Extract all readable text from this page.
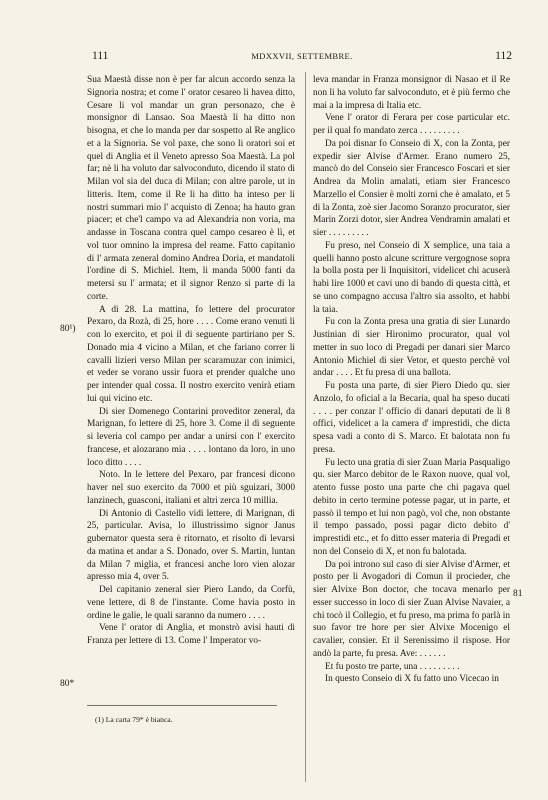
111	MDXXVII, SETTEMBRE.	112
80¹)
80*
81

Sua Maestà disse non è per far alcun accordo senza la Signoria nostra; et come l' orator cesareo li havea ditto, Cesare li vol mandar un gran personazo, che è monsignor di Lansao. Soa Maestà li ha ditto non bisogna, et che lo manda per dar sospetto al Re anglico et a la Signoria. Se vol paxe, che sono li oratori soi et quel di Anglia et il Veneto apresso Soa Maestà. La pol far; nè li ha voluto dar salvoconduto, dicendo il stato di Milan vol sia del duca di Milan; con altre parole, ut in litteris. Item, come il Re li ha ditto ha inteso per li nostri summari mio l' acquisto di Zenoa; ha hauto gran piacer; et che'l campo va ad Alexandria non voria, ma andasse in Toscana contra quel campo cesareo è lì, et vol tuor omnino la impresa del reame. Fatto capitanio di l' armata zeneral domino Andrea Doria, et mandatoli l'ordine di S. Michiel. Item, li manda 5000 fanti da metersi su l' armata; et il signor Renzo si parte di la corte.

A dì 28. La mattina, fo lettere del procurator Pexaro, da Rozà, di 25, hore . . . . Come erano venuti li con lo exercito, et poi il di seguente partiriano per S. Donado mia 4 vicino a Milan, et che fariano correr li cavalli lizieri verso Milan per scaramuzar con inimici, et veder se vorano ussir fuora et prender qualche uno per intender qual cossa. Il nostro exercito venirà etiam lui qui vicino etc.

Di sier Domenego Contarini proveditor zeneral, da Marignan, fo lettere di 25, hore 3. Come il dì seguente si leveria col campo per andar a unirsi con l' exercito francese, et alozarano mia . . . . lontano da loro, in uno loco ditto . . . .

Noto. In le lettere del Pexaro, par francesi dicono haver nel suo exercito da 7000 et più sguizari, 3000 lanzinech, guasconi, italiani et altri zerca 10 millia.

Di Antonio di Castello vidi lettere, di Marignan, di 25, particular. Avisa, lo illustrissimo signor Janus gubernator questa sera è ritornato, et risolto di levarsi da matina et andar a S. Donado, over S. Martin, luntan da Milan 7 miglia, et francesi anche loro vien alozar apresso mia 4, over 5.

Del capitanio zeneral sier Piero Lando, da Corfù, vene lettere, di 8 de l'instante. Come havia posto in ordine le galie, le quali saranno da numero . . . .

Vene l' orator di Anglia, et monstrò avisi hauti di Franza per lettere di 13. Come l' Imperator vo-

leva mandar in Franza monsignor di Nasao et il Re non li ha voluto far salvoconduto, et è più fermo che mai a la impresa di Italia etc.

Vene l' orator di Ferara per cose particular etc. per il qual fo mandato zerca . . . . . . . . .

Da poi disnar fo Conseio di X, con la Zonta, per expedir sier Alvise d'Armer. Erano numero 25, mancò do del Conseio sier Francesco Foscari et sier Andrea da Molin amalati, etiam sier Francesco Marzello el Consier è molti zorni che è amalato, et 5 di la Zonta, zoè sier Jacomo Soranzo procurator, sier Marin Zorzi dotor, sier Andrea Vendramin amalati et sier . . . . . . . . .

Fu preso, nel Conseio di X semplice, una taia a quelli hanno posto alcune scritture vergognose sopra la bolla posta per li Inquisitori, videlicet chi acuserà habi lire 1000 et cavi uno di bando di questa città, et se uno compagno accusa l'altro sia assolto, et habbi la taia.

Fu con la Zonta presa una gratia di sier Lunardo Justinian di sier Hironimo procurator, qual vol metter in suo loco di Pregadi per danari sier Marco Antonio Michiel di sier Vetor, et questo perchè vol andar . . . . Et fu presa di una ballota.

Fu posta una parte, di sier Piero Diedo qu. sier Anzolo, fo oficial a la Becaria, qual ha speso ducati . . . . per conzar l' officio di danari deputati de li 8 offici, videlicet a la camera d' imprestidi, che dicta spesa vadi a conto di S. Marco. Et balotata non fu presa.

Fu lecto una gratia di sier Zuan Maria Pasqualigo qu. sier Marco debitor de le Raxon nuove, qual vol, atento fusse posto una parte che chi pagava quel debito in certo termine potesse pagar, ut in parte, et passò il tempo et lui non pagò, vol che, non obstante il tempo passado, possi pagar dicto debito d' imprestidi etc., et fo ditto esser materia di Pregadi et non del Conseio di X, et non fu balotada.

Da poi introno sul caso di sier Alvise d'Armer, et posto per li Avogadori di Comun il procieder, che sier Alvixe Bon doctor, che tocava menarlo per esser successo in loco di sier Zuan Alvise Navaier, a chi tocò il Collegio, et fu preso, ma prima fo parlà in suo favor tre hore per sier Alvixe Mocenigo el cavalier, consier. Et il Serenissimo il rispose. Hor andò la parte, fu presa. Ave: . . . . . .

Et fu posto tre parte, una . . . . . . . . .

In questo Conseio di X fu fatto uno Vicecao in

(1) La carta 79* è bianca.
